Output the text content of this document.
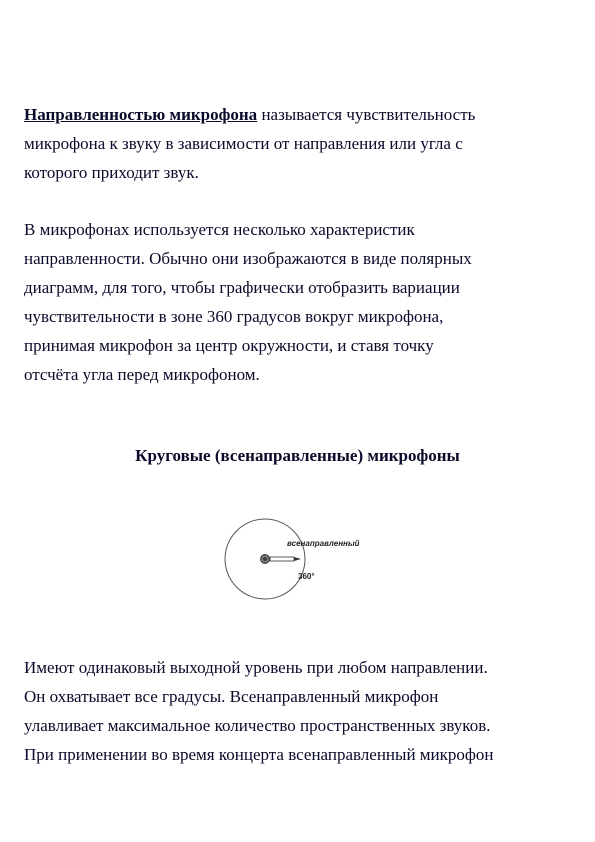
Направленностью микрофона называется чувствительность
микрофона к звуку в зависимости от направления или угла с
которого приходит звук.

В микрофонах используется несколько характеристик
направленности. Обычно они изображаются в виде полярных
диаграмм, для того, чтобы графически отобразить вариации
чувствительности в зоне 360 градусов вокруг микрофона,
принимая микрофон за центр окружности, и ставя точку
отсчёта угла перед микрофоном.

Круговые (всенаправленные) микрофоны
всенаправленный
360°

Имеют одинаковый выходной уровень при любом направлении.
Он охватывает все градусы. Всенаправленный микрофон
улавливает максимальное количество пространственных звуков.
При применении во время концерта всенаправленный микрофон
